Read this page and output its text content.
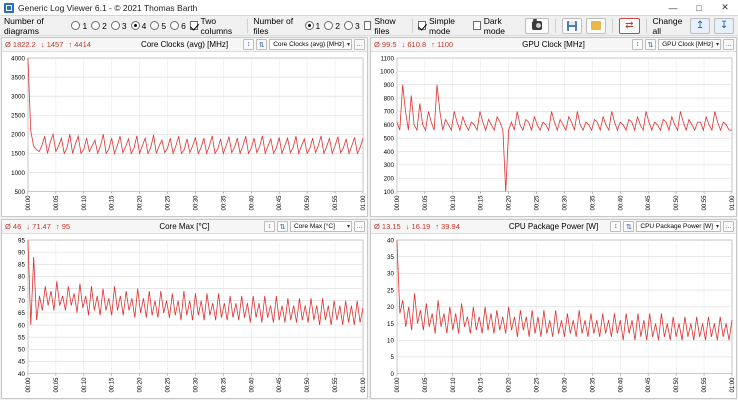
Generic Log Viewer 6.1 - © 2021 Thomas Barth	—	□	✕
Number of diagrams	1 2 3 4 5 6 Two columns
Number of files	1 2 3 Show files
Simple mode
Dark mode	⇄ Change all	↥ ↧
Ø 1822.2 ↓ 1457 ↑ 4414	Core Clocks (avg) [MHz]	↕	⇅	Core Clocks (avg) [MHz] ▾ …
500
1000
1500
2000
2500
3000
3500
4000
00:00	00:05	00:10	00:15	00:20	00:25	00:30	00:35	00:40	00:45	00:50	00:55	01:00
Ø 99.5 ↓ 610.8 ↑ 1100	GPU Clock [MHz]	↕	⇅	GPU Clock [MHz] ▾ …
100
200
300
400
500
600
700
800
900
1000
1100
00:00	00:05	00:10	00:15	00:20	00:25	00:30	00:35	00:40	00:45	00:50	00:55	01:00
Ø 46 ↓ 71.47 ↑ 95	Core Max [°C]	↕	⇅	Core Max [°C]	▾ …
40
45
50
55
60
65
70
75
80
85
90
95
00:00	00:05	00:10	00:15	00:20	00:25	00:30	00:35	00:40	00:45	00:50	00:55	01:00
Ø 13.15 ↓ 16.19 ↑ 39.94	CPU Package Power [W]	↕	⇅	CPU Package Power [W] ▾ …
0
5
10
15
20
25
30
35
40
00:00	00:05	00:10	00:15	00:20	00:25	00:30	00:35	00:40	00:45	00:50	00:55	01:00
